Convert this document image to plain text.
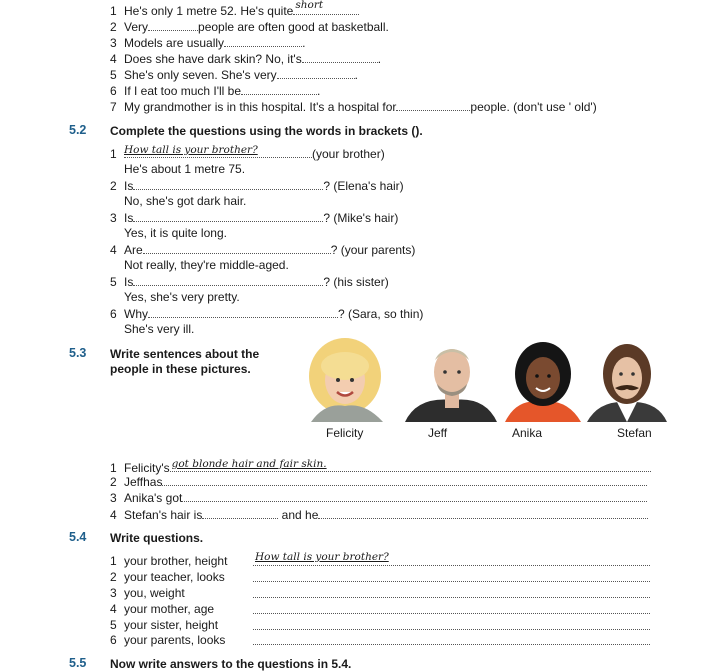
1 He's only 1 metre 52. He's quite short
2 Very	people are often good at basketball.
3 Models are usually	.
4 Does she have dark skin? No, it's	.
5 She's only seven. She's very	.
6 If I eat too much I'll be	.
7 My grandmother is in this hospital. It's a hospital for	people. (don't use ' old')
5.2 Complete the questions using the words in brackets ().
1 How tall is your brother?	(your brother)
He's about 1 metre 75.
2 Is	? (Elena's hair)
No, she's got dark hair.
3 Is	? (Mike's hair)
Yes, it is quite long.
4 Are	? (your parents)
Not really, they're middle-aged.
5 Is	? (his sister)
Yes, she's very pretty.
6 Why	? (Sara, so thin)
She's very ill.
5.3 Write sentences about the
people in these pictures.
Felicity	Jeff	Anika	Stefan
1 Felicity's got blonde hair and fair skin.
2 Jeffhas
3 Anika's got
4 Stefan's hair is	and he
5.4 Write questions.
1 your brother, height	How tall is your brother?
2 your teacher, looks
3 you, weight
4 your mother, age
5 your sister, height
6 your parents, looks
5.5 Now write answers to the questions in 5.4.
